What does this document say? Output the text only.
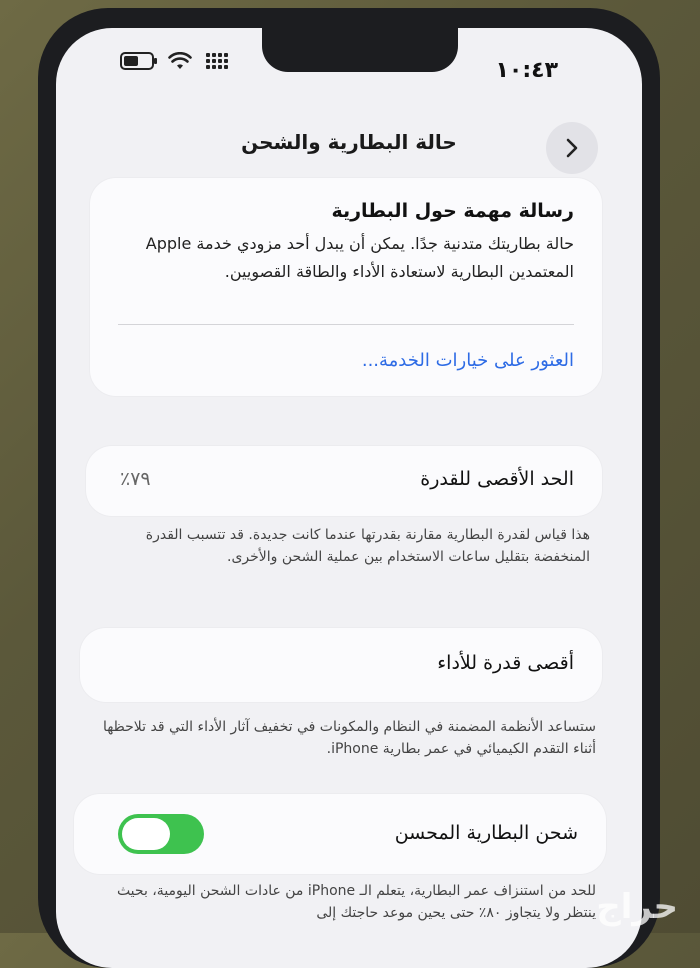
١٠:٤٣
حالة البطارية والشحن
رسالة مهمة حول البطارية
حالة بطاريتك متدنية جدًا. يمكن أن يبدل أحد مزودي خدمة Apple المعتمدين البطارية لاستعادة الأداء والطاقة القصويين.
العثور على خيارات الخدمة...
الحد الأقصى للقدرة
٪٧٩
هذا قياس لقدرة البطارية مقارنة بقدرتها عندما كانت جديدة. قد تتسبب القدرة المنخفضة بتقليل ساعات الاستخدام بين عملية الشحن والأخرى.
أقصى قدرة للأداء
ستساعد الأنظمة المضمنة في النظام والمكونات في تخفيف آثار الأداء التي قد تلاحظها أثناء التقدم الكيميائي في عمر بطارية iPhone.
شحن البطارية المحسن
للحد من استنزاف عمر البطارية، يتعلم الـ iPhone من عادات الشحن اليومية، بحيث ينتظر ولا يتجاوز ٨٠٪ حتى يحين موعد حاجتك إلى حراج
